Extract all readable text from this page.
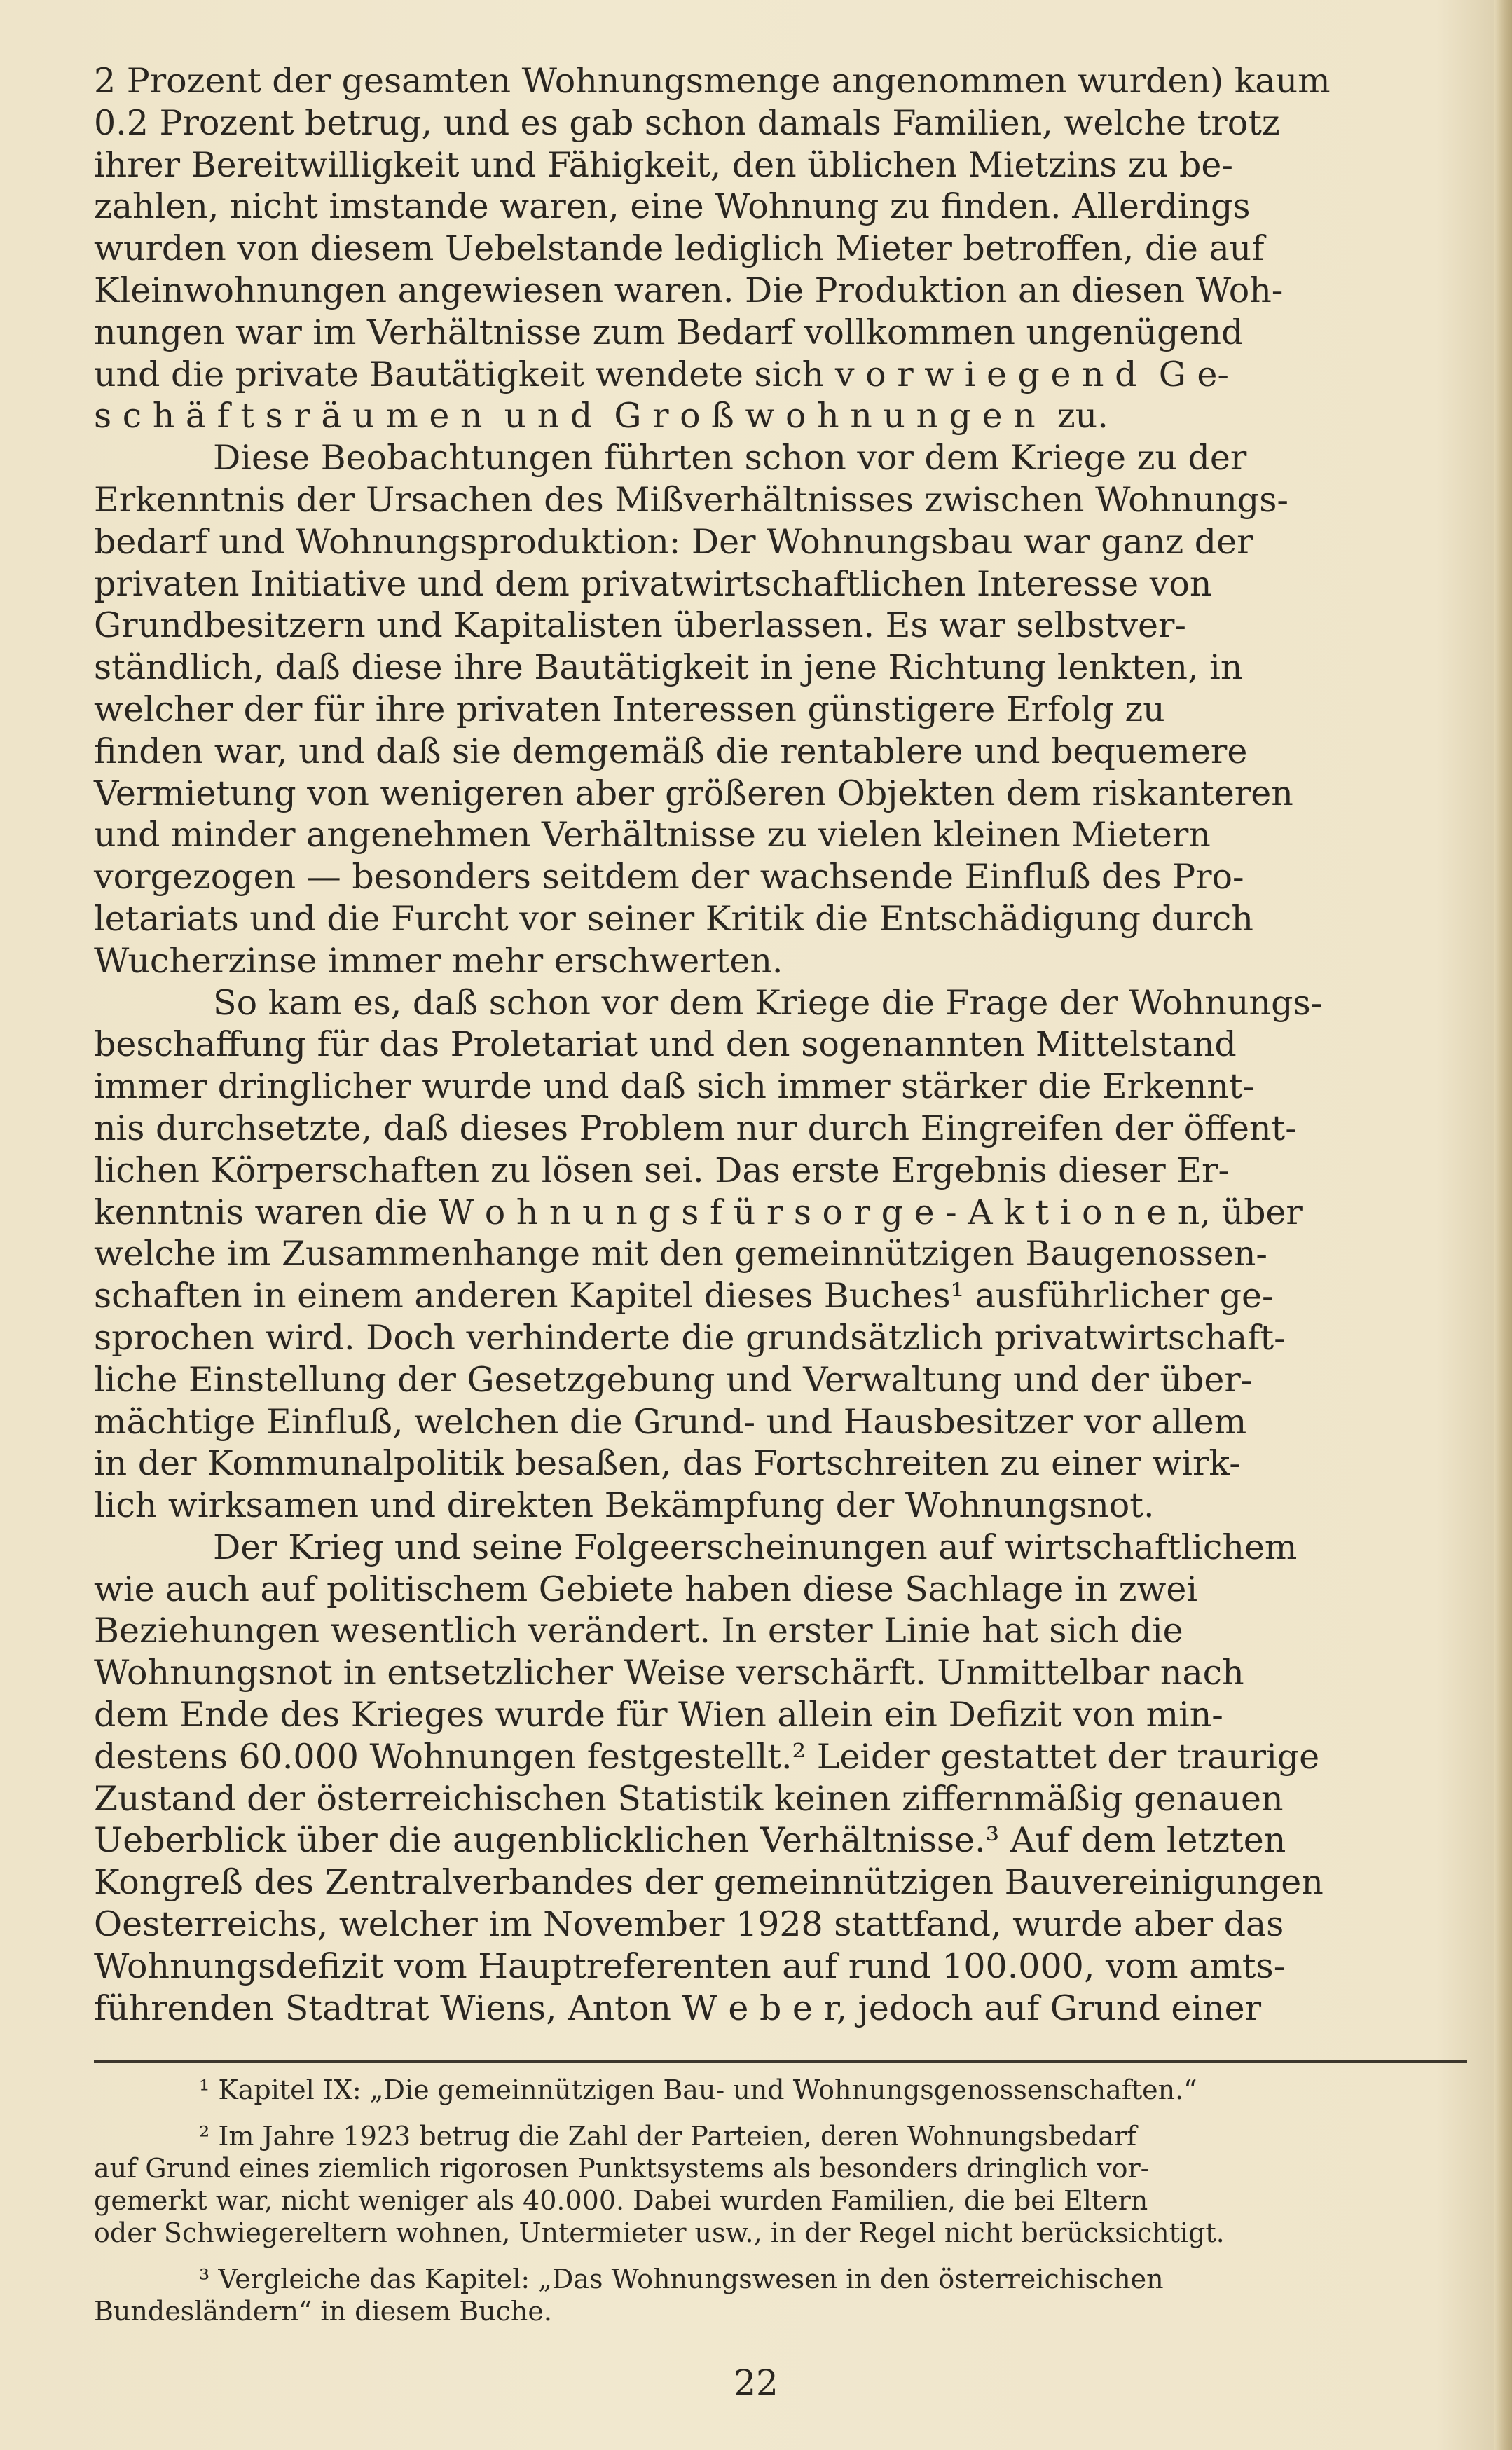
2 Prozent der gesamten Wohnungsmenge angenommen wurden) kaum
0.2 Prozent betrug, und es gab schon damals Familien, welche trotz
ihrer Bereitwilligkeit und Fähigkeit, den üblichen Mietzins zu be-
zahlen, nicht imstande waren, eine Wohnung zu finden. Allerdings
wurden von diesem Uebelstande lediglich Mieter betroffen, die auf
Kleinwohnungen angewiesen waren. Die Produktion an diesen Woh-
nungen war im Verhältnisse zum Bedarf vollkommen ungenügend
und die private Bautätigkeit wendete sich v o r w i e g e n d  G e-
s c h ä f t s r ä u m e n  u n d  G r o ß w o h n u n g e n  zu.
Diese Beobachtungen führten schon vor dem Kriege zu der
Erkenntnis der Ursachen des Mißverhältnisses zwischen Wohnungs-
bedarf und Wohnungsproduktion: Der Wohnungsbau war ganz der
privaten Initiative und dem privatwirtschaftlichen Interesse von
Grundbesitzern und Kapitalisten überlassen. Es war selbstver-
ständlich, daß diese ihre Bautätigkeit in jene Richtung lenkten, in
welcher der für ihre privaten Interessen günstigere Erfolg zu
finden war, und daß sie demgemäß die rentablere und bequemere
Vermietung von wenigeren aber größeren Objekten dem riskanteren
und minder angenehmen Verhältnisse zu vielen kleinen Mietern
vorgezogen — besonders seitdem der wachsende Einfluß des Pro-
letariats und die Furcht vor seiner Kritik die Entschädigung durch
Wucherzinse immer mehr erschwerten.
So kam es, daß schon vor dem Kriege die Frage der Wohnungs-
beschaffung für das Proletariat und den sogenannten Mittelstand
immer dringlicher wurde und daß sich immer stärker die Erkennt-
nis durchsetzte, daß dieses Problem nur durch Eingreifen der öffent-
lichen Körperschaften zu lösen sei. Das erste Ergebnis dieser Er-
kenntnis waren die W o h n u n g s f ü r s o r g e - A k t i o n e n, über
welche im Zusammenhange mit den gemeinnützigen Baugenossen-
schaften in einem anderen Kapitel dieses Buches¹ ausführlicher ge-
sprochen wird. Doch verhinderte die grundsätzlich privatwirtschaft-
liche Einstellung der Gesetzgebung und Verwaltung und der über-
mächtige Einfluß, welchen die Grund- und Hausbesitzer vor allem
in der Kommunalpolitik besaßen, das Fortschreiten zu einer wirk-
lich wirksamen und direkten Bekämpfung der Wohnungsnot.
Der Krieg und seine Folgeerscheinungen auf wirtschaftlichem
wie auch auf politischem Gebiete haben diese Sachlage in zwei
Beziehungen wesentlich verändert. In erster Linie hat sich die
Wohnungsnot in entsetzlicher Weise verschärft. Unmittelbar nach
dem Ende des Krieges wurde für Wien allein ein Defizit von min-
destens 60.000 Wohnungen festgestellt.² Leider gestattet der traurige
Zustand der österreichischen Statistik keinen ziffernmäßig genauen
Ueberblick über die augenblicklichen Verhältnisse.³ Auf dem letzten
Kongreß des Zentralverbandes der gemeinnützigen Bauvereinigungen
Oesterreichs, welcher im November 1928 stattfand, wurde aber das
Wohnungsdefizit vom Hauptreferenten auf rund 100.000, vom amts-
führenden Stadtrat Wiens, Anton W e b e r, jedoch auf Grund einer
¹ Kapitel IX: „Die gemeinnützigen Bau- und Wohnungsgenossenschaften.“
² Im Jahre 1923 betrug die Zahl der Parteien, deren Wohnungsbedarf
auf Grund eines ziemlich rigorosen Punktsystems als besonders dringlich vor-
gemerkt war, nicht weniger als 40.000. Dabei wurden Familien, die bei Eltern
oder Schwiegereltern wohnen, Untermieter usw., in der Regel nicht berücksichtigt.
³ Vergleiche das Kapitel: „Das Wohnungswesen in den österreichischen
Bundesländern“ in diesem Buche.
22
